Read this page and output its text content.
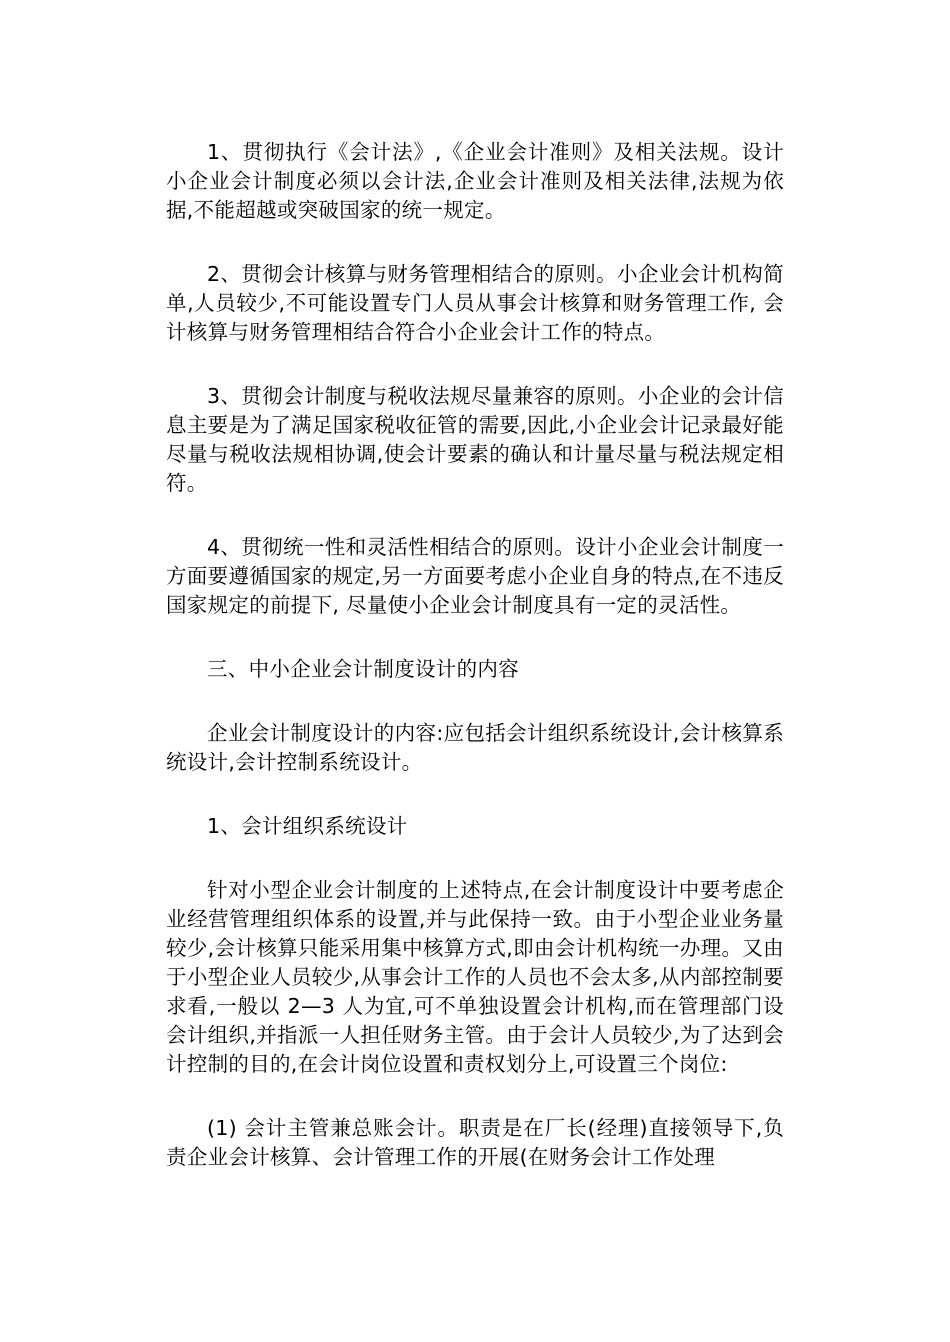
1、贯彻执行《会计法》,《企业会计准则》及相关法规。设计小企业会计制度必须以会计法,企业会计准则及相关法律,法规为依据,不能超越或突破国家的统一规定。

2、贯彻会计核算与财务管理相结合的原则。小企业会计机构简单,人员较少,不可能设置专门人员从事会计核算和财务管理工作, 会计核算与财务管理相结合符合小企业会计工作的特点。

3、贯彻会计制度与税收法规尽量兼容的原则。小企业的会计信息主要是为了满足国家税收征管的需要,因此,小企业会计记录最好能尽量与税收法规相协调,使会计要素的确认和计量尽量与税法规定相符。

4、贯彻统一性和灵活性相结合的原则。设计小企业会计制度一方面要遵循国家的规定,另一方面要考虑小企业自身的特点,在不违反国家规定的前提下, 尽量使小企业会计制度具有一定的灵活性。

三、中小企业会计制度设计的内容

企业会计制度设计的内容:应包括会计组织系统设计,会计核算系统设计,会计控制系统设计。

1、会计组织系统设计

针对小型企业会计制度的上述特点,在会计制度设计中要考虑企业经营管理组织体系的设置,并与此保持一致。由于小型企业业务量较少,会计核算只能采用集中核算方式,即由会计机构统一办理。又由于小型企业人员较少,从事会计工作的人员也不会太多,从内部控制要求看,一般以 2—3 人为宜,可不单独设置会计机构,而在管理部门设会计组织,并指派一人担任财务主管。由于会计人员较少,为了达到会计控制的目的,在会计岗位设置和责权划分上,可设置三个岗位:

(1) 会计主管兼总账会计。职责是在厂长(经理)直接领导下,负责企业会计核算、会计管理工作的开展(在财务会计工作处理
